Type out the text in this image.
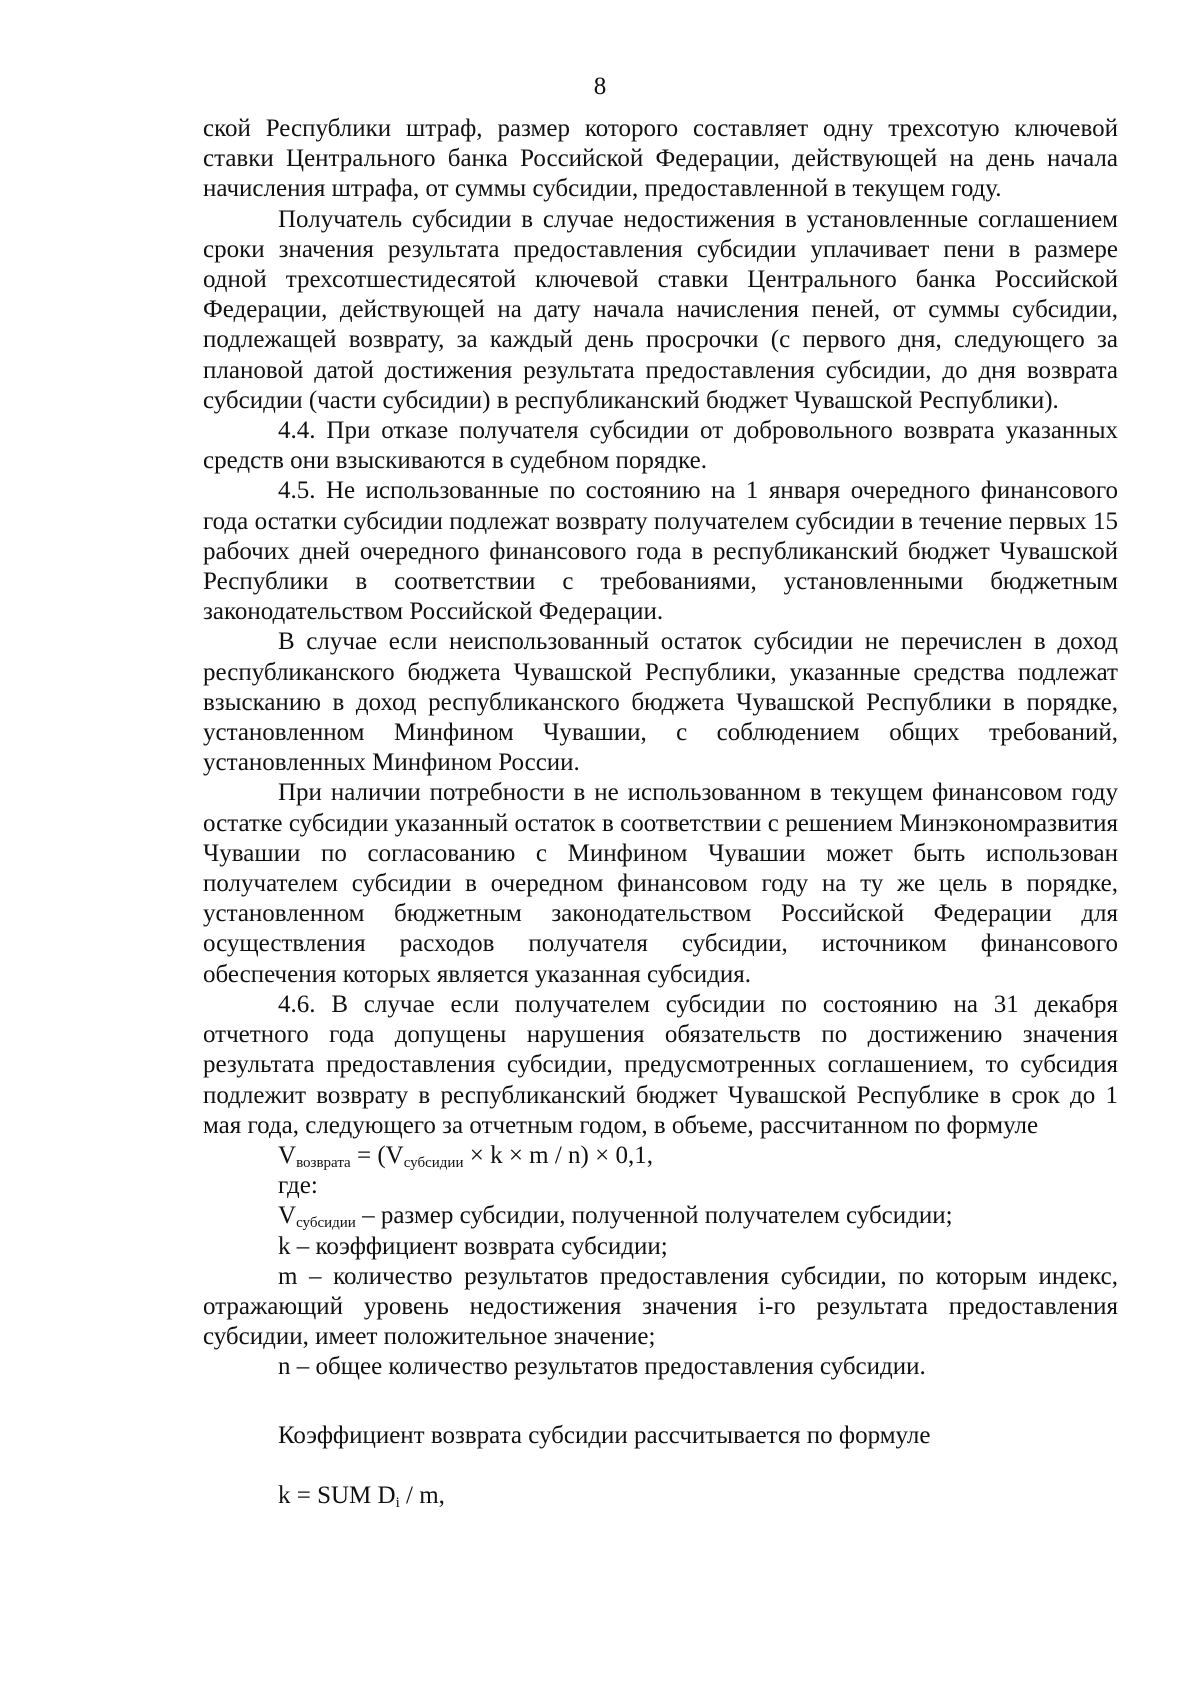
8

ской Республики штраф, размер которого составляет одну трехсотую ключевой ставки Центрального банка Российской Федерации, действующей на день начала начисления штрафа, от суммы субсидии, предоставленной в текущем году.

Получатель субсидии в случае недостижения в установленные соглашением сроки значения результата предоставления субсидии уплачивает пени в размере одной трехсотшестидесятой ключевой ставки Центрального банка Российской Федерации, действующей на дату начала начисления пеней, от суммы субсидии, подлежащей возврату, за каждый день просрочки (с первого дня, следующего за плановой датой достижения результата предоставления субсидии, до дня возврата субсидии (части субсидии) в республиканский бюджет Чувашской Республики).

4.4. При отказе получателя субсидии от добровольного возврата указанных средств они взыскиваются в судебном порядке.

4.5. Не использованные по состоянию на 1 января очередного финансового года остатки субсидии подлежат возврату получателем субсидии в течение первых 15 рабочих дней очередного финансового года в республиканский бюджет Чувашской Республики в соответствии с требованиями, установленными бюджетным законодательством Российской Федерации.

В случае если неиспользованный остаток субсидии не перечислен в доход республиканского бюджета Чувашской Республики, указанные средства подлежат взысканию в доход республиканского бюджета Чувашской Республики в порядке, установленном Минфином Чувашии, с соблюдением общих требований, установленных Минфином России.

При наличии потребности в не использованном в текущем финансовом году остатке субсидии указанный остаток в соответствии с решением Минэкономразвития Чувашии по согласованию с Минфином Чувашии может быть использован получателем субсидии в очередном финансовом году на ту же цель в порядке, установленном бюджетным законодательством Российской Федерации для осуществления расходов получателя субсидии, источником финансового обеспечения которых является указанная субсидия.

4.6. В случае если получателем субсидии по состоянию на 31 декабря отчетного года допущены нарушения обязательств по достижению значения результата предоставления субсидии, предусмотренных соглашением, то субсидия подлежит возврату в республиканский бюджет Чувашской Республике в срок до 1 мая года, следующего за отчетным годом, в объеме, рассчитанном по формуле

$V_{возврата} = (V_{субсидии} \times k \times m / n) \times 0,1$,

где:

$V_{субсидии}$ – размер субсидии, полученной получателем субсидии;

k – коэффициент возврата субсидии;

m – количество результатов предоставления субсидии, по которым индекс, отражающий уровень недостижения значения i-го результата предоставления субсидии, имеет положительное значение;

n – общее количество результатов предоставления субсидии.

Коэффициент возврата субсидии рассчитывается по формуле

k = SUM $D_i$ / m,
